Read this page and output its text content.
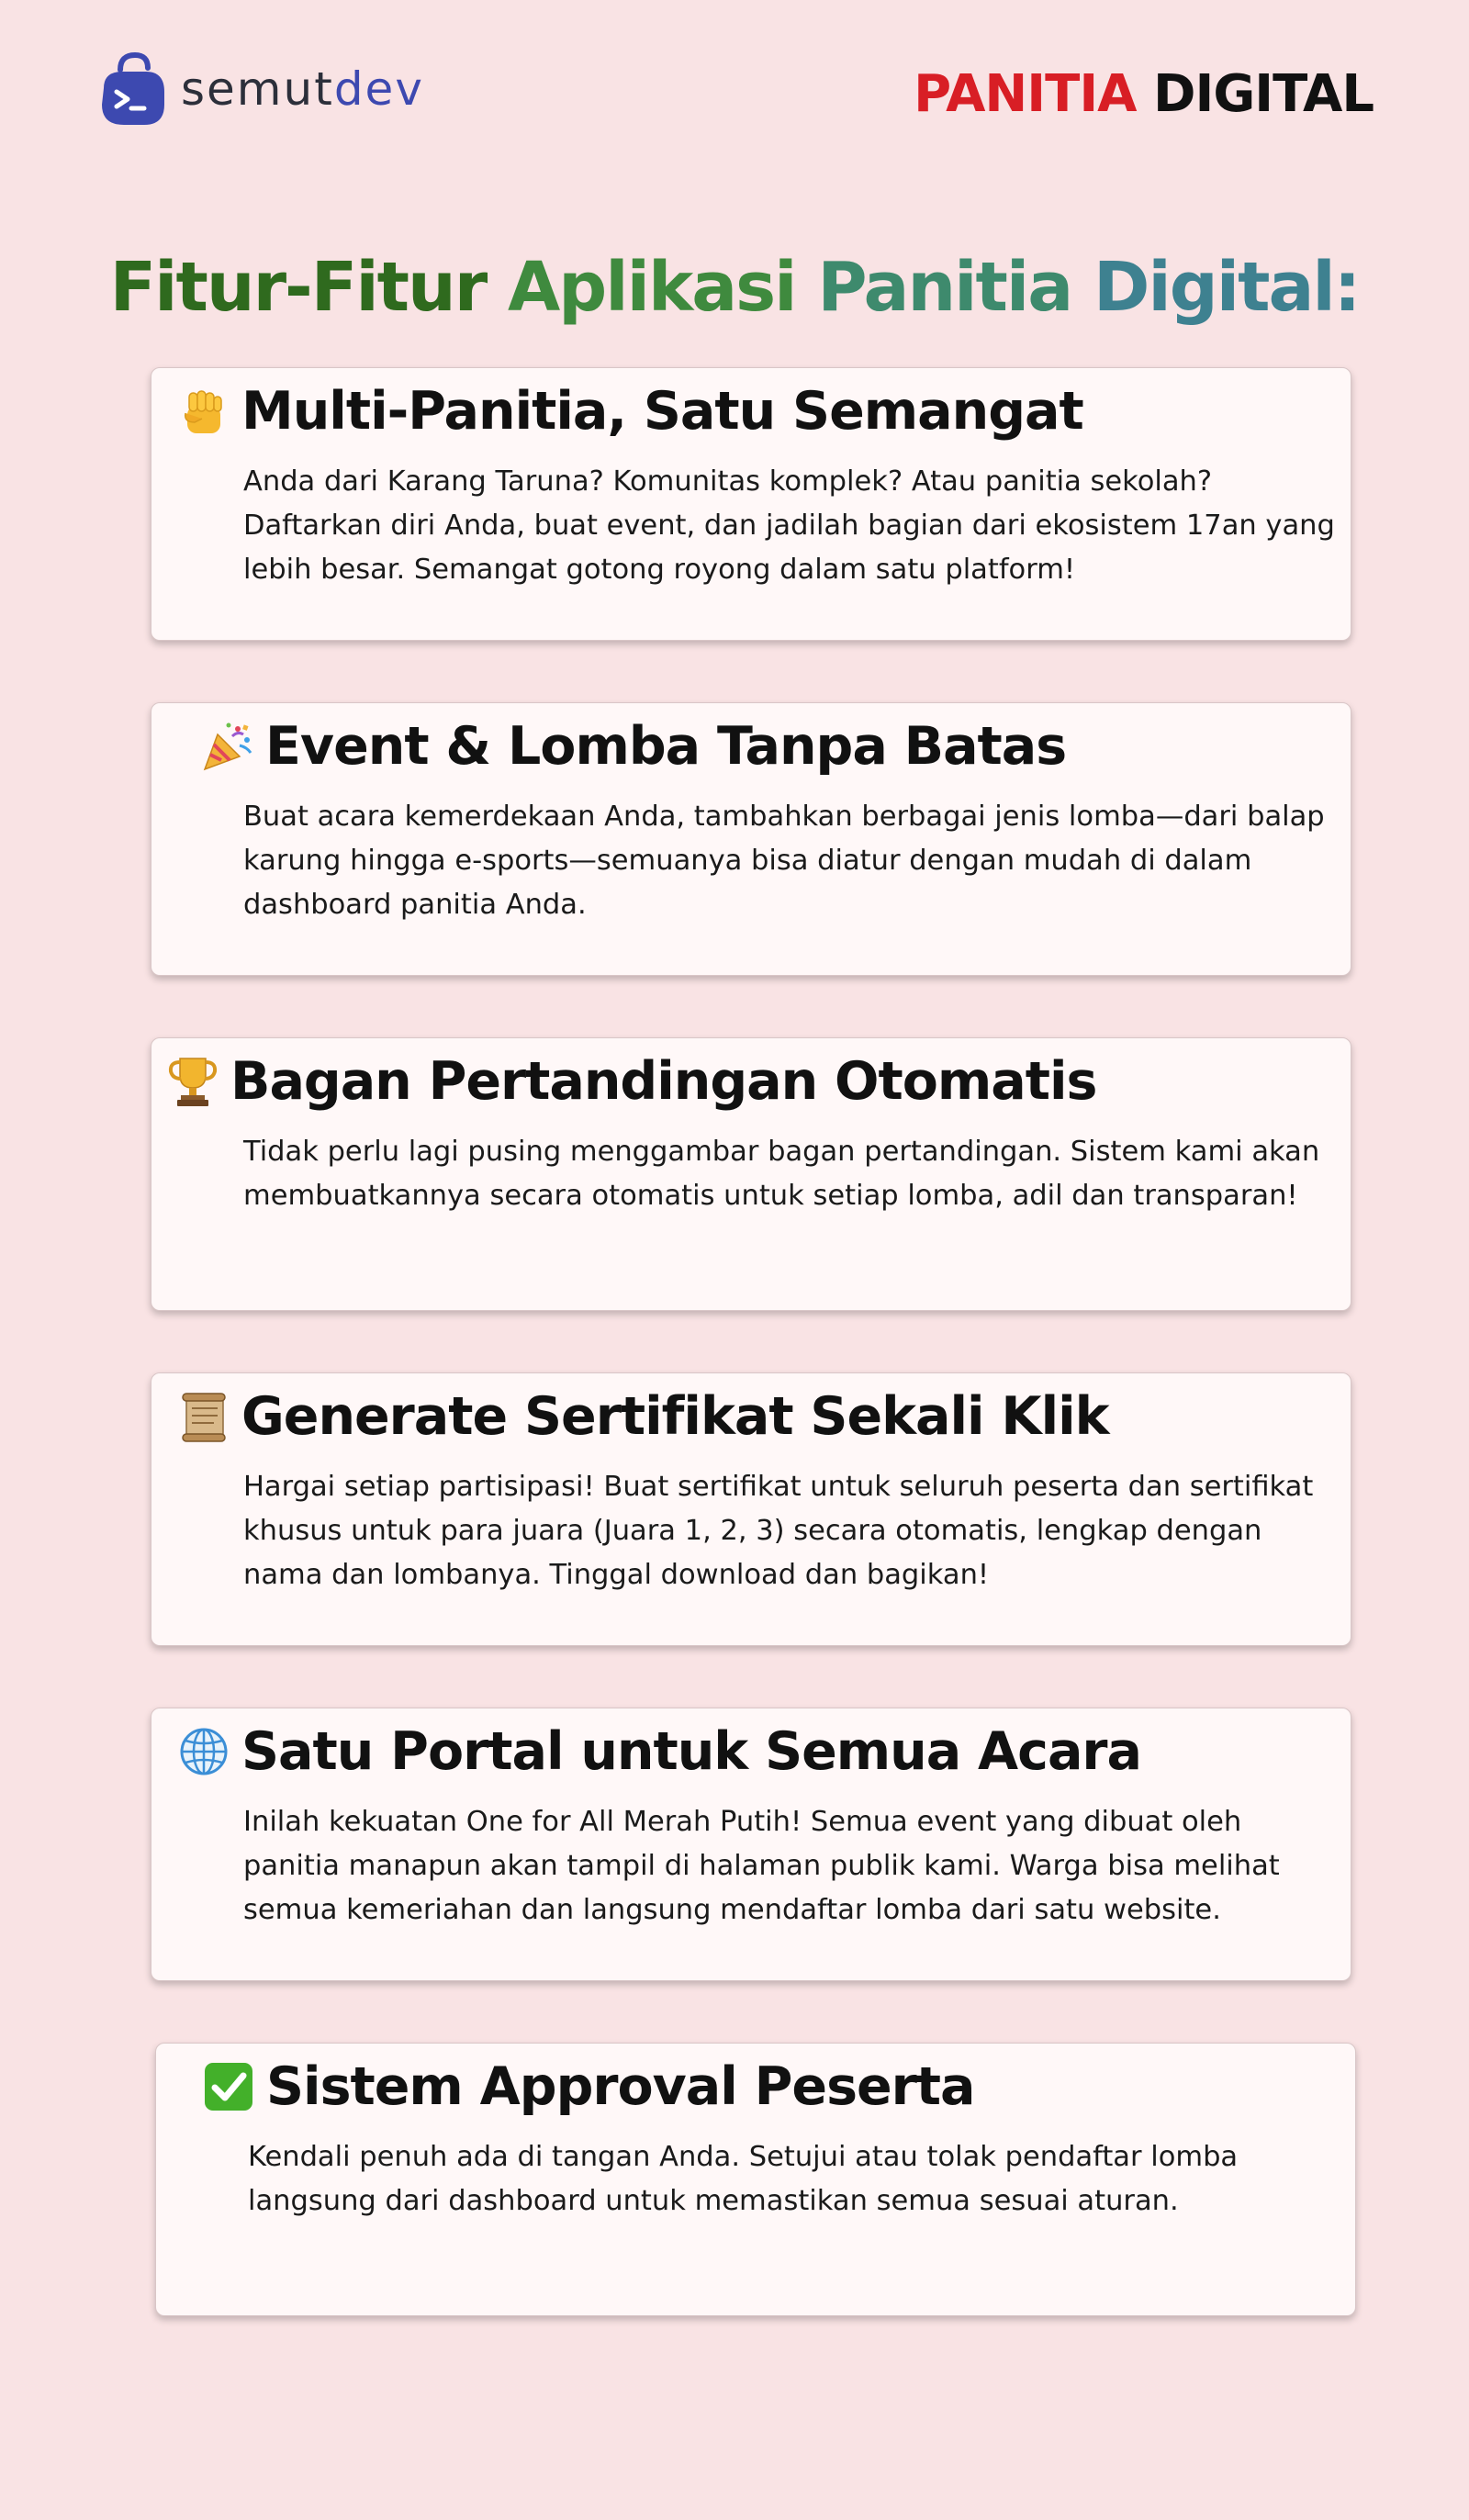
semutdev	PANITIA DIGITAL
Fitur-Fitur Aplikasi Panitia Digital:
Multi-Panitia, Satu Semangat
Anda dari Karang Taruna? Komunitas komplek? Atau panitia sekolah? Daftarkan diri Anda, buat event, dan jadilah bagian dari ekosistem 17an yang lebih besar. Semangat gotong royong dalam satu platform!
Event & Lomba Tanpa Batas
Buat acara kemerdekaan Anda, tambahkan berbagai jenis lomba—dari balap karung hingga e-sports—semuanya bisa diatur dengan mudah di dalam dashboard panitia Anda.
Bagan Pertandingan Otomatis
Tidak perlu lagi pusing menggambar bagan pertandingan. Sistem kami akan membuatkannya secara otomatis untuk setiap lomba, adil dan transparan!
Generate Sertifikat Sekali Klik
Hargai setiap partisipasi! Buat sertifikat untuk seluruh peserta dan sertifikat khusus untuk para juara (Juara 1, 2, 3) secara otomatis, lengkap dengan nama dan lombanya. Tinggal download dan bagikan!
Satu Portal untuk Semua Acara
Inilah kekuatan One for All Merah Putih! Semua event yang dibuat oleh panitia manapun akan tampil di halaman publik kami. Warga bisa melihat semua kemeriahan dan langsung mendaftar lomba dari satu website.
Sistem Approval Peserta
Kendali penuh ada di tangan Anda. Setujui atau tolak pendaftar lomba langsung dari dashboard untuk memastikan semua sesuai aturan.
